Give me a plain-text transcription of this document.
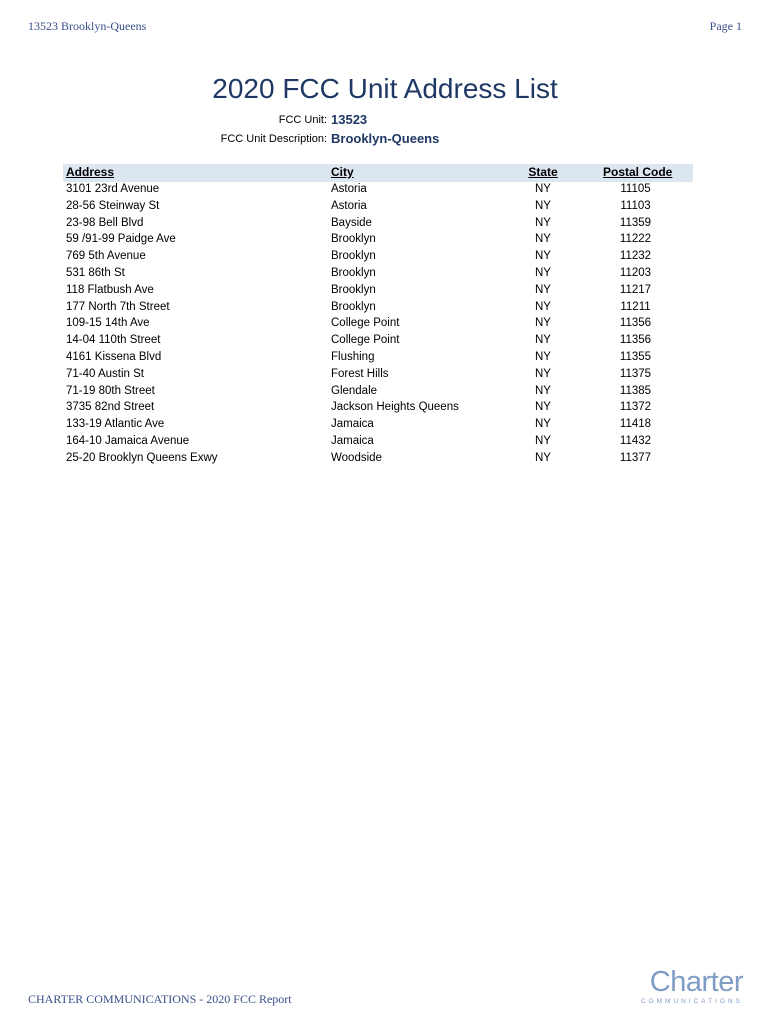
13523 Brooklyn-Queens	Page 1
2020 FCC Unit Address List
FCC Unit: 13523
FCC Unit Description: Brooklyn-Queens
Address	City	State	Postal Code
3101 23rd Avenue	Astoria	NY	11105
28-56 Steinway St	Astoria	NY	11103
23-98 Bell Blvd	Bayside	NY	11359
59 /91-99 Paidge Ave	Brooklyn	NY	11222
769 5th Avenue	Brooklyn	NY	11232
531 86th St	Brooklyn	NY	11203
118 Flatbush Ave	Brooklyn	NY	11217
177 North 7th Street	Brooklyn	NY	11211
109-15 14th Ave	College Point	NY	11356
14-04 110th Street	College Point	NY	11356
4161 Kissena Blvd	Flushing	NY	11355
71-40 Austin St	Forest Hills	NY	11375
71-19 80th Street	Glendale	NY	11385
3735 82nd Street	Jackson Heights Queens	NY	11372
133-19 Atlantic Ave	Jamaica	NY	11418
164-10 Jamaica Avenue	Jamaica	NY	11432
25-20 Brooklyn Queens Exwy	Woodside	NY	11377
CHARTER COMMUNICATIONS - 2020 FCC Report
Charter
COMMUNICATIONS
